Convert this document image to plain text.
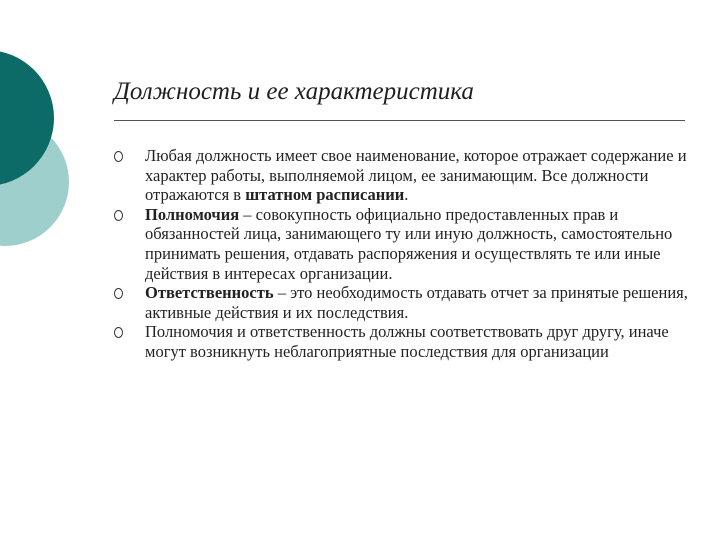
Должность и ее характеристика
Любая должность имеет свое наименование, которое отражает содержание и характер работы, выполняемой лицом, ее занимающим. Все должности отражаются в штатном расписании.
Полномочия – совокупность официально предоставленных прав и обязанностей лица, занимающего ту или иную должность, самостоятельно принимать решения, отдавать распоряжения и осуществлять те или иные действия в интересах организации.
Ответственность – это необходимость отдавать отчет за принятые решения, активные действия и их последствия.
Полномочия и ответственность должны соответствовать друг другу, иначе могут возникнуть неблагоприятные последствия для организации
